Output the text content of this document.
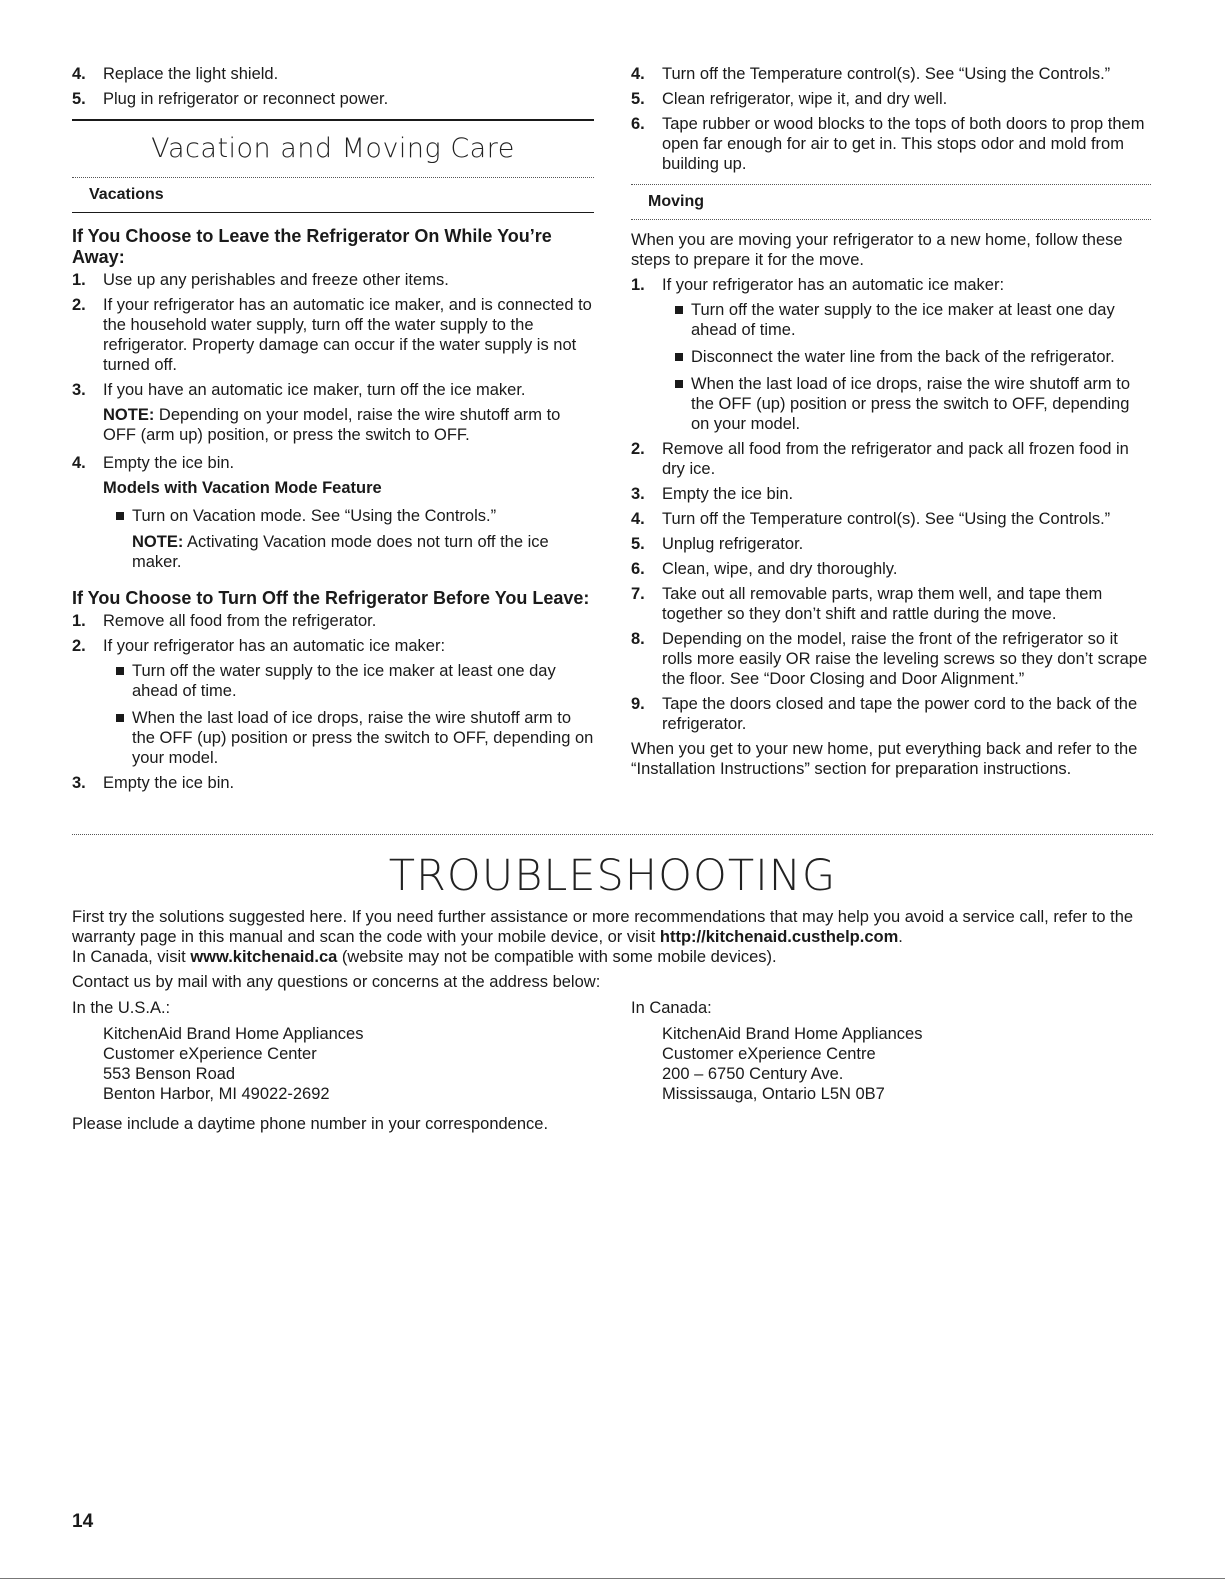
4. Replace the light shield.
5. Plug in refrigerator or reconnect power.
Vacation and Moving Care
Vacations
If You Choose to Leave the Refrigerator On While You’re Away:
1. Use up any perishables and freeze other items.
2. If your refrigerator has an automatic ice maker, and is connected to the household water supply, turn off the water supply to the refrigerator. Property damage can occur if the water supply is not turned off.
3. If you have an automatic ice maker, turn off the ice maker.
NOTE: Depending on your model, raise the wire shutoff arm to OFF (arm up) position, or press the switch to OFF.
4. Empty the ice bin.
Models with Vacation Mode Feature
Turn on Vacation mode. See “Using the Controls.”
NOTE: Activating Vacation mode does not turn off the ice maker.
If You Choose to Turn Off the Refrigerator Before You Leave:
1. Remove all food from the refrigerator.
2. If your refrigerator has an automatic ice maker:
Turn off the water supply to the ice maker at least one day ahead of time.
When the last load of ice drops, raise the wire shutoff arm to the OFF (up) position or press the switch to OFF, depending on your model.
3. Empty the ice bin.
4. Turn off the Temperature control(s). See “Using the Controls.”
5. Clean refrigerator, wipe it, and dry well.
6. Tape rubber or wood blocks to the tops of both doors to prop them open far enough for air to get in. This stops odor and mold from building up.
Moving
When you are moving your refrigerator to a new home, follow these steps to prepare it for the move.
1. If your refrigerator has an automatic ice maker:
Turn off the water supply to the ice maker at least one day ahead of time.
Disconnect the water line from the back of the refrigerator.
When the last load of ice drops, raise the wire shutoff arm to the OFF (up) position or press the switch to OFF, depending on your model.
2. Remove all food from the refrigerator and pack all frozen food in dry ice.
3. Empty the ice bin.
4. Turn off the Temperature control(s). See “Using the Controls.”
5. Unplug refrigerator.
6. Clean, wipe, and dry thoroughly.
7. Take out all removable parts, wrap them well, and tape them together so they don’t shift and rattle during the move.
8. Depending on the model, raise the front of the refrigerator so it rolls more easily OR raise the leveling screws so they don’t scrape the floor. See “Door Closing and Door Alignment.”
9. Tape the doors closed and tape the power cord to the back of the refrigerator.
When you get to your new home, put everything back and refer to the “Installation Instructions” section for preparation instructions.
TROUBLESHOOTING
First try the solutions suggested here. If you need further assistance or more recommendations that may help you avoid a service call, refer to the warranty page in this manual and scan the code with your mobile device, or visit http://kitchenaid.custhelp.com.
In Canada, visit www.kitchenaid.ca (website may not be compatible with some mobile devices).
Contact us by mail with any questions or concerns at the address below:
In the U.S.A.:
KitchenAid Brand Home Appliances
Customer eXperience Center
553 Benson Road
Benton Harbor, MI 49022-2692
In Canada:
KitchenAid Brand Home Appliances
Customer eXperience Centre
200 – 6750 Century Ave.
Mississauga, Ontario L5N 0B7
Please include a daytime phone number in your correspondence.
14
